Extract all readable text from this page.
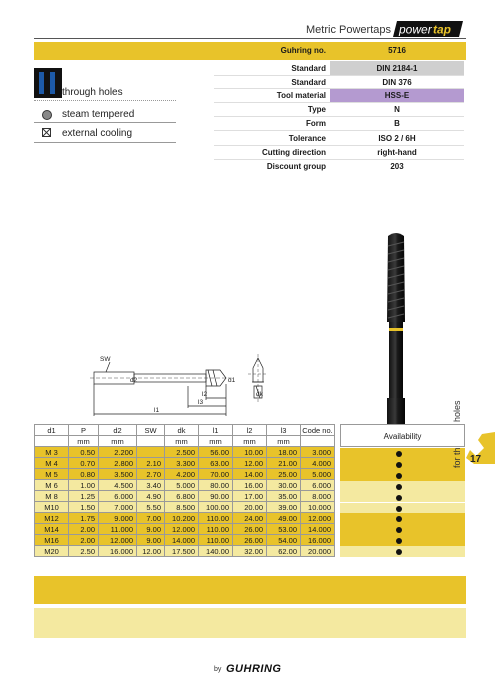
Metric Powertaps power tap
Guhring no.	5716
Standard	DIN 2184-1
Standard	DIN 376
Tool material	HSS-E
Type	N
Form	B
Tolerance	ISO 2 / 6H
Cutting direction	right-hand
Discount group	203
through holes
steam tempered
external cooling
SW
d2	d1
dk
l1
l2
l3
17
d1	P	d2	SW	dk	l1	l2	l3	Code no.
	mm	mm		mm	mm	mm	mm	
M 3	0.50	2.200		2.500	56.00	10.00	18.00	3.000
M 4	0.70	2.800	2.10	3.300	63.00	12.00	21.00	4.000
M 5	0.80	3.500	2.70	4.200	70.00	14.00	25.00	5.000
M 6	1.00	4.500	3.40	5.000	80.00	16.00	30.00	6.000
M 8	1.25	6.000	4.90	6.800	90.00	17.00	35.00	8.000
M10	1.50	7.000	5.50	8.500	100.00	20.00	39.00	10.000
M12	1.75	9.000	7.00	10.200	110.00	24.00	49.00	12.000
M14	2.00	11.000	9.00	12.000	110.00	26.00	53.00	14.000
M16	2.00	12.000	9.00	14.000	110.00	26.00	54.00	16.000
M20	2.50	16.000	12.00	17.500	140.00	32.00	62.00	20.000
Availability
by GUHRING
